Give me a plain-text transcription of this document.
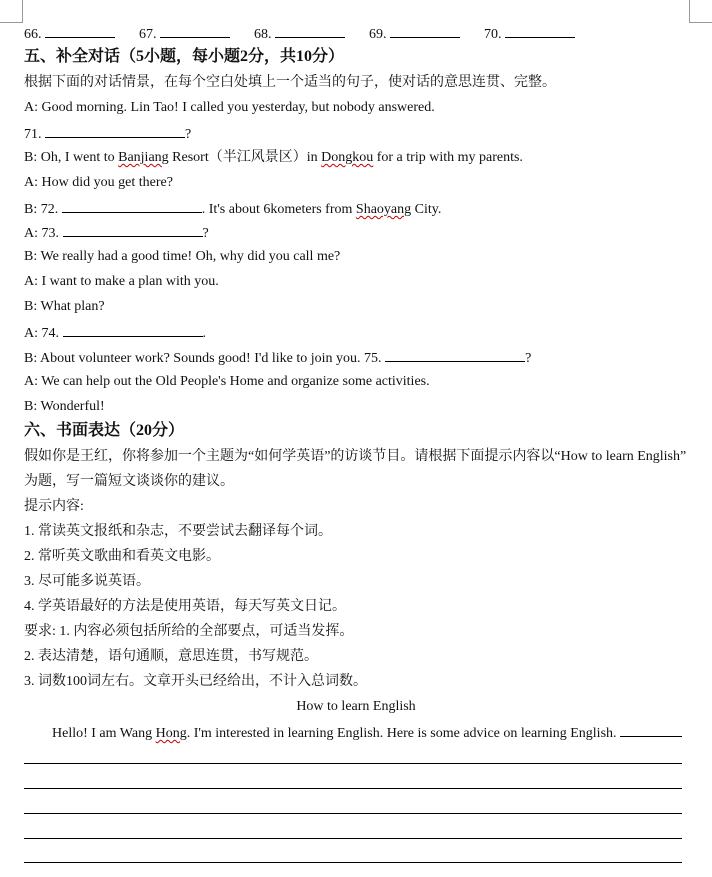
66.	67.	68.	69.	70.
五、补全对话（5小题，每小题2分，共10分）
根据下面的对话情景，在每个空白处填上一个适当的句子，使对话的意思连贯、完整。
A: Good morning. Lin Tao! I called you yesterday, but nobody answered.
71.	?
B: Oh, I went to Banjiang Resort（半江风景区）in Dongkou for a trip with my parents.
A: How did you get there?
B: 72.	. It's about 6kometers from Shaoyang City.
A: 73.	?
B: We really had a good time! Oh, why did you call me?
A: I want to make a plan with you.
B: What plan?
A: 74.	.
B: About volunteer work? Sounds good! I'd like to join you. 75.	?
A: We can help out the Old People's Home and organize some activities.
B: Wonderful!
六、书面表达（20分）
假如你是王红，你将参加一个主题为“如何学英语”的访谈节目。请根据下面提示内容以“How to learn English”
为题，写一篇短文谈谈你的建议。
提示内容:
1. 常读英文报纸和杂志，不要尝试去翻译每个词。
2. 常听英文歌曲和看英文电影。
3. 尽可能多说英语。
4. 学英语最好的方法是使用英语，每天写英文日记。
要求: 1. 内容必须包括所给的全部要点，可适当发挥。
2. 表达清楚，语句通顺，意思连贯，书写规范。
3. 词数100词左右。文章开头已经给出，不计入总词数。
How to learn English
Hello! I am Wang Hong. I'm interested in learning English. Here is some advice on learning English.
